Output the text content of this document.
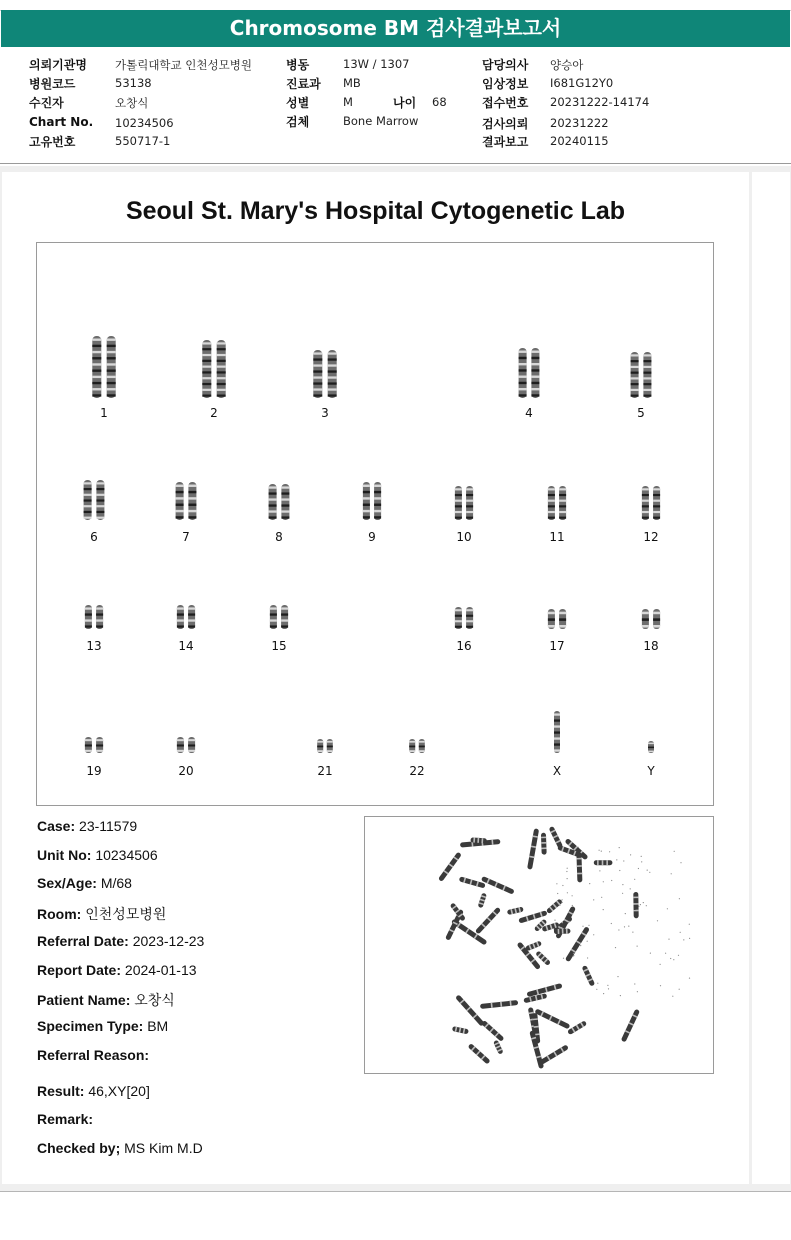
Chromosome BM 검사결과보고서
의뢰기관명 가톨릭대학교 인천성모병원
병원코드	53138
수진자	오창식
Chart No. 10234506
고유번호	550717-1
병동	13W / 1307
진료과 MB
성별	M	나이 68
검체	Bone Marrow
담당의사 양승아
임상정보 I681G12Y0
접수번호 20231222-14174
검사의뢰 20231222
결과보고 20240115
Seoul St. Mary's Hospital Cytogenetic Lab
1	2	3	4	5
6	7	8	9	10	11	12
13	14	15	16	17	18
19	20	21	22	X	Y
Case: 23-11579
Unit No: 10234506
Sex/Age: M/68
Room: 인천성모병원
Referral Date: 2023-12-23
Report Date: 2024-01-13
Patient Name: 오창식
Specimen Type: BM
Referral Reason:
Result: 46,XY[20]
Remark:
Checked by; MS Kim M.D
